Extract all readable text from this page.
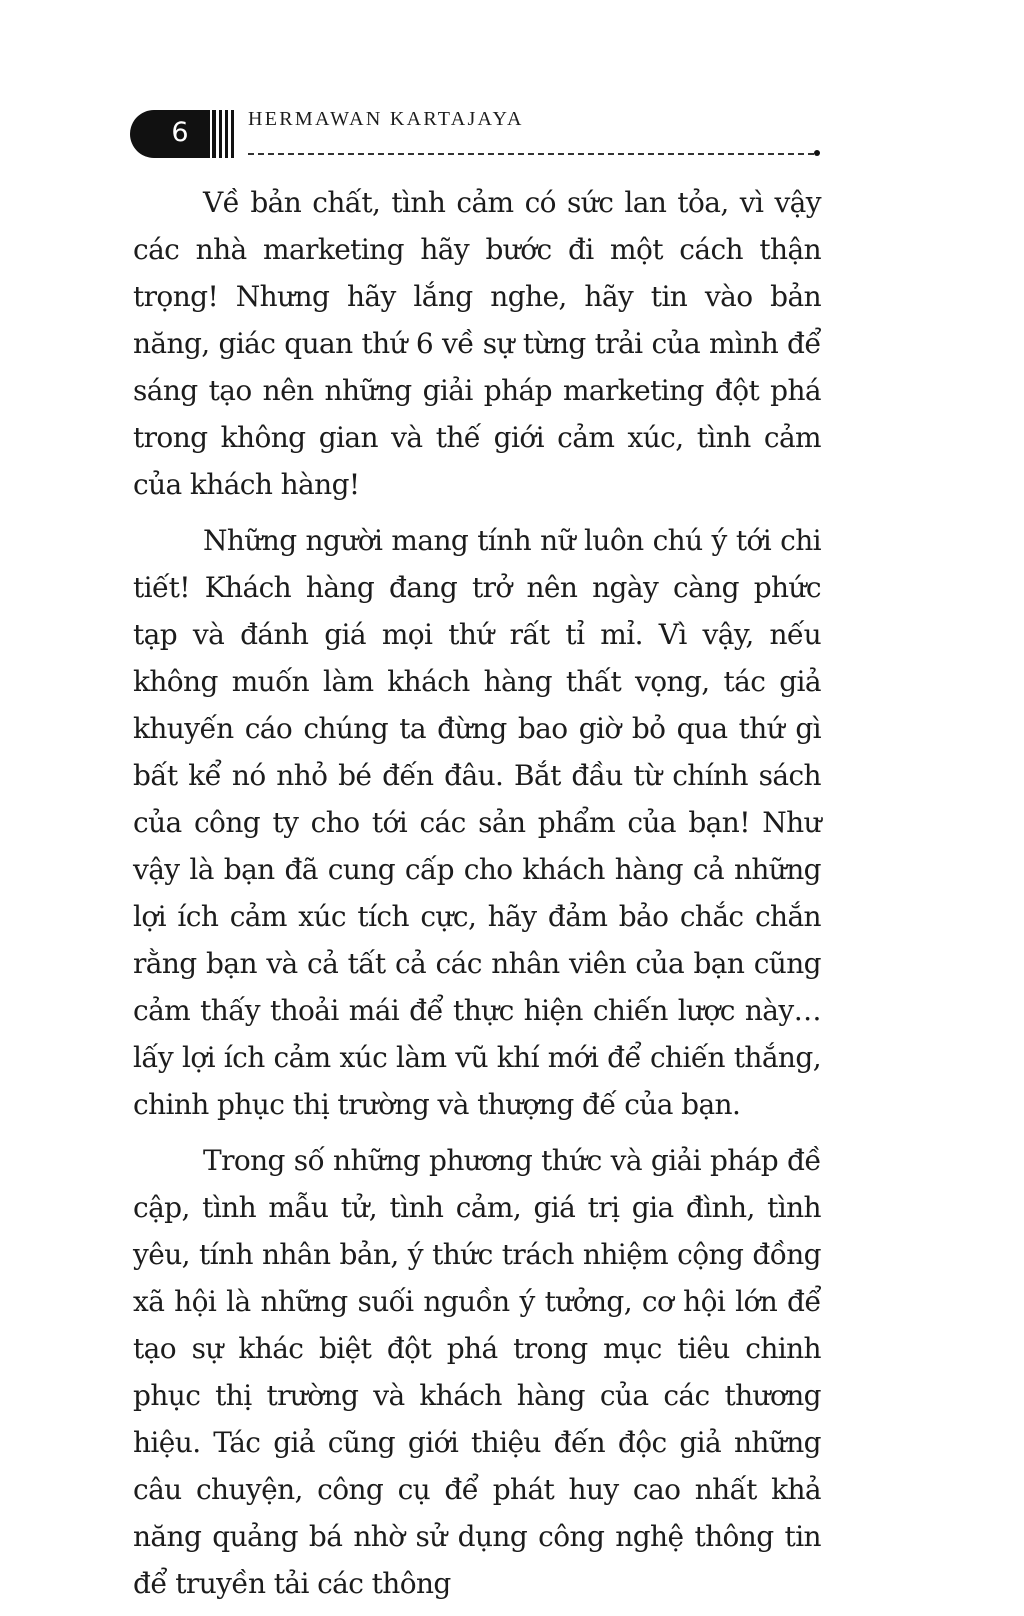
6	HERMAWAN KARTAJAYA

Về bản chất, tình cảm có sức lan tỏa, vì vậy các nhà marketing hãy bước đi một cách thận trọng! Nhưng hãy lắng nghe, hãy tin vào bản năng, giác quan thứ 6 về sự từng trải của mình để sáng tạo nên những giải pháp marketing đột phá trong không gian và thế giới cảm xúc, tình cảm của khách hàng!

Những người mang tính nữ luôn chú ý tới chi tiết! Khách hàng đang trở nên ngày càng phức tạp và đánh giá mọi thứ rất tỉ mỉ. Vì vậy, nếu không muốn làm khách hàng thất vọng, tác giả khuyến cáo chúng ta đừng bao giờ bỏ qua thứ gì bất kể nó nhỏ bé đến đâu. Bắt đầu từ chính sách của công ty cho tới các sản phẩm của bạn! Như vậy là bạn đã cung cấp cho khách hàng cả những lợi ích cảm xúc tích cực, hãy đảm bảo chắc chắn rằng bạn và cả tất cả các nhân viên của bạn cũng cảm thấy thoải mái để thực hiện chiến lược này… lấy lợi ích cảm xúc làm vũ khí mới để chiến thắng, chinh phục thị trường và thượng đế của bạn.

Trong số những phương thức và giải pháp đề cập, tình mẫu tử, tình cảm, giá trị gia đình, tình yêu, tính nhân bản, ý thức trách nhiệm cộng đồng xã hội là những suối nguồn ý tưởng, cơ hội lớn để tạo sự khác biệt đột phá trong mục tiêu chinh phục thị trường và khách hàng của các thương hiệu. Tác giả cũng giới thiệu đến độc giả những câu chuyện, công cụ để phát huy cao nhất khả năng quảng bá nhờ sử dụng công nghệ thông tin để truyền tải các thông
